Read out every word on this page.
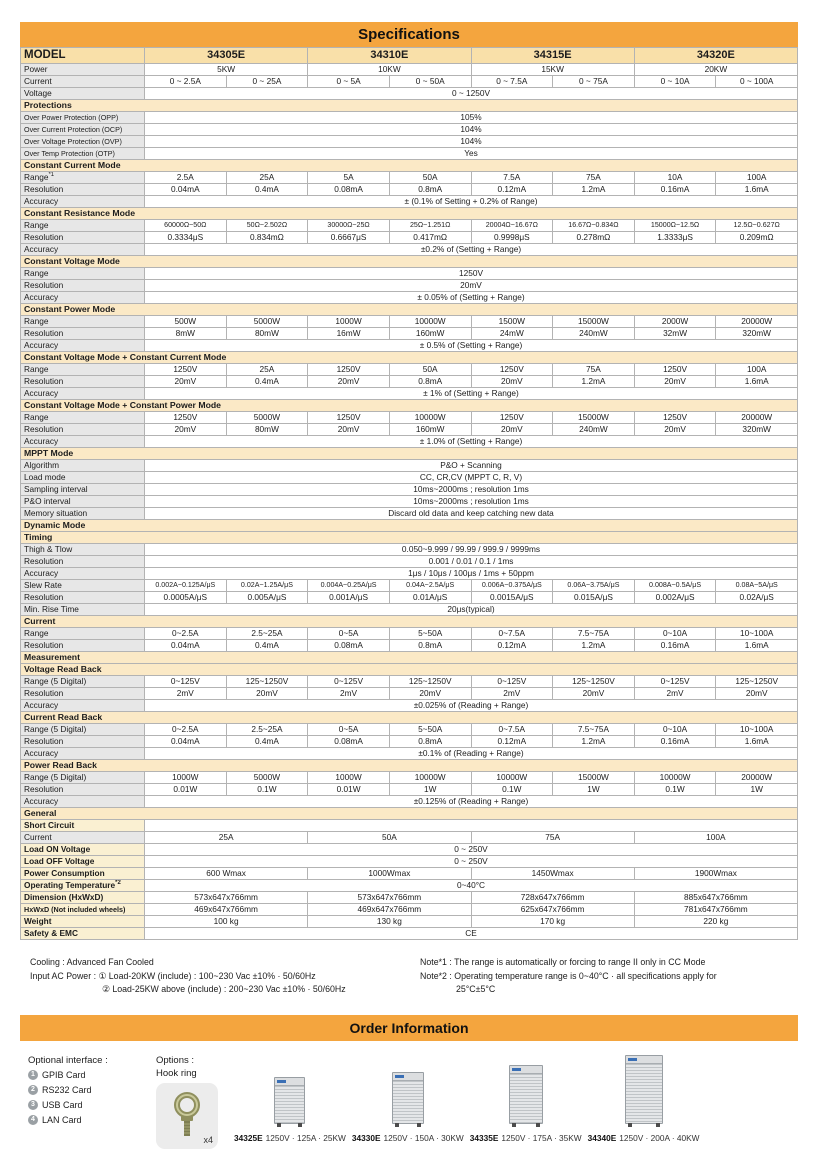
Specifications
MODEL	34305E		34310E		34315E		34320E	
Power	5KW		10KW		15KW		20KW	
Current	0 ~ 2.5A	0 ~ 25A	0 ~ 5A	0 ~ 50A	0 ~ 7.5A	0 ~ 75A	0 ~ 10A	0 ~ 100A
Voltage	0 ~ 1250V							
Protections								
Over Power Protection (OPP)	105%							
Over Current Protection (OCP)	104%							
Over Voltage Protection (OVP)	104%							
Over Temp Protection (OTP)	Yes							
Constant Current Mode								
Range$^{*1}$	2.5A	25A	5A	50A	7.5A	75A	10A	100A
Resolution	0.04mA	0.4mA	0.08mA	0.8mA	0.12mA	1.2mA	0.16mA	1.6mA
Accuracy	± (0.1% of Setting + 0.2% of Range)							
Constant Resistance Mode								
Range	60000Ω~50Ω	50Ω~2.502Ω	30000Ω~25Ω	25Ω~1.251Ω	20004Ω~16.67Ω	16.67Ω~0.834Ω	15000Ω~12.5Ω	12.5Ω~0.627Ω
Resolution	0.3334μS	0.834mΩ	0.6667μS	0.417mΩ	0.9998μS	0.278mΩ	1.3333μS	0.209mΩ
Accuracy	±0.2% of (Setting + Range)							
Constant Voltage Mode								
Range	1250V							
Resolution	20mV							
Accuracy	± 0.05% of (Setting + Range)							
Constant Power Mode								
Range	500W	5000W	1000W	10000W	1500W	15000W	2000W	20000W
Resolution	8mW	80mW	16mW	160mW	24mW	240mW	32mW	320mW
Accuracy	± 0.5% of (Setting + Range)							
Constant Voltage Mode + Constant Current Mode								
Range	1250V	25A	1250V	50A	1250V	75A	1250V	100A
Resolution	20mV	0.4mA	20mV	0.8mA	20mV	1.2mA	20mV	1.6mA
Accuracy	± 1% of (Setting + Range)							
Constant Voltage Mode + Constant Power Mode								
Range	1250V	5000W	1250V	10000W	1250V	15000W	1250V	20000W
Resolution	20mV	80mW	20mV	160mW	20mV	240mW	20mV	320mW
Accuracy	± 1.0% of (Setting + Range)							
MPPT Mode								
Algorithm	P&O + Scanning							
Load mode	CC, CR,CV (MPPT C, R, V)							
Sampling interval	10ms~2000ms ; resolution 1ms							
P&O interval	10ms~2000ms ; resolution 1ms							
Memory situation	Discard old data and keep catching new data							
Dynamic Mode								
Timing								
Thigh & Tlow	0.050~9.999 / 99.99 / 999.9 / 9999ms							
Resolution	0.001 / 0.01 / 0.1 / 1ms							
Accuracy	1μs / 10μs / 100μs / 1ms + 50ppm							
Slew Rate	0.002A~0.125A/μS	0.02A~1.25A/μS	0.004A~0.25A/μS	0.04A~2.5A/μS	0.006A~0.375A/μS	0.06A~3.75A/μS	0.008A~0.5A/μS	0.08A~5A/μS
Resolution	0.0005A/μS	0.005A/μS	0.001A/μS	0.01A/μS	0.0015A/μS	0.015A/μS	0.002A/μS	0.02A/μS
Min. Rise Time	20μs(typical)							
Current								
Range	0~2.5A	2.5~25A	0~5A	5~50A	0~7.5A	7.5~75A	0~10A	10~100A
Resolution	0.04mA	0.4mA	0.08mA	0.8mA	0.12mA	1.2mA	0.16mA	1.6mA
Measurement								
Voltage Read Back								
Range (5 Digital)	0~125V	125~1250V	0~125V	125~1250V	0~125V	125~1250V	0~125V	125~1250V
Resolution	2mV	20mV	2mV	20mV	2mV	20mV	2mV	20mV
Accuracy	±0.025% of (Reading + Range)							
Current Read Back								
Range (5 Digital)	0~2.5A	2.5~25A	0~5A	5~50A	0~7.5A	7.5~75A	0~10A	10~100A
Resolution	0.04mA	0.4mA	0.08mA	0.8mA	0.12mA	1.2mA	0.16mA	1.6mA
Accuracy	±0.1% of (Reading + Range)							
Power Read Back								
Range (5 Digital)	1000W	5000W	1000W	10000W	10000W	15000W	10000W	20000W
Resolution	0.01W	0.1W	0.01W	1W	0.1W	1W	0.1W	1W
Accuracy	±0.125% of (Reading + Range)							
General								
Short Circuit								
Current	25A		50A		75A		100A	
Load ON Voltage	0 ~ 250V							
Load OFF Voltage	0 ~ 250V							
Power Consumption	600 Wmax		1000Wmax		1450Wmax		1900Wmax	
Operating Temperature$^{*2}$	0~40°C							
Dimension (HxWxD)	573x647x766mm		573x647x766mm		728x647x766mm		885x647x766mm	
HxWxD (Not included wheels)	469x647x766mm		469x647x766mm		625x647x766mm		781x647x766mm	
Weight	100 kg		130 kg		170 kg		220 kg	
Safety & EMC	CE							
Cooling : Advanced Fan Cooled
Input AC Power : ① Load-20KW (include) : 100~230 Vac ±10% · 50/60Hz
② Load-25KW above (include) : 200~230 Vac ±10% · 50/60Hz
Note*1 : The range is automatically or forcing to range II only in CC Mode
Note*2 : Operating temperature range is 0~40°C · all specifications apply for
25°C±5°C
Order Information
Optional interface :
1 GPIB Card
2 RS232 Card
3 USB Card
4 LAN Card
Options :
Hook ring
x4	34325E 1250V · 125A · 25KW 34330E 1250V · 150A · 30KW 34335E 1250V · 175A · 35KW 34340E 1250V · 200A · 40KW
